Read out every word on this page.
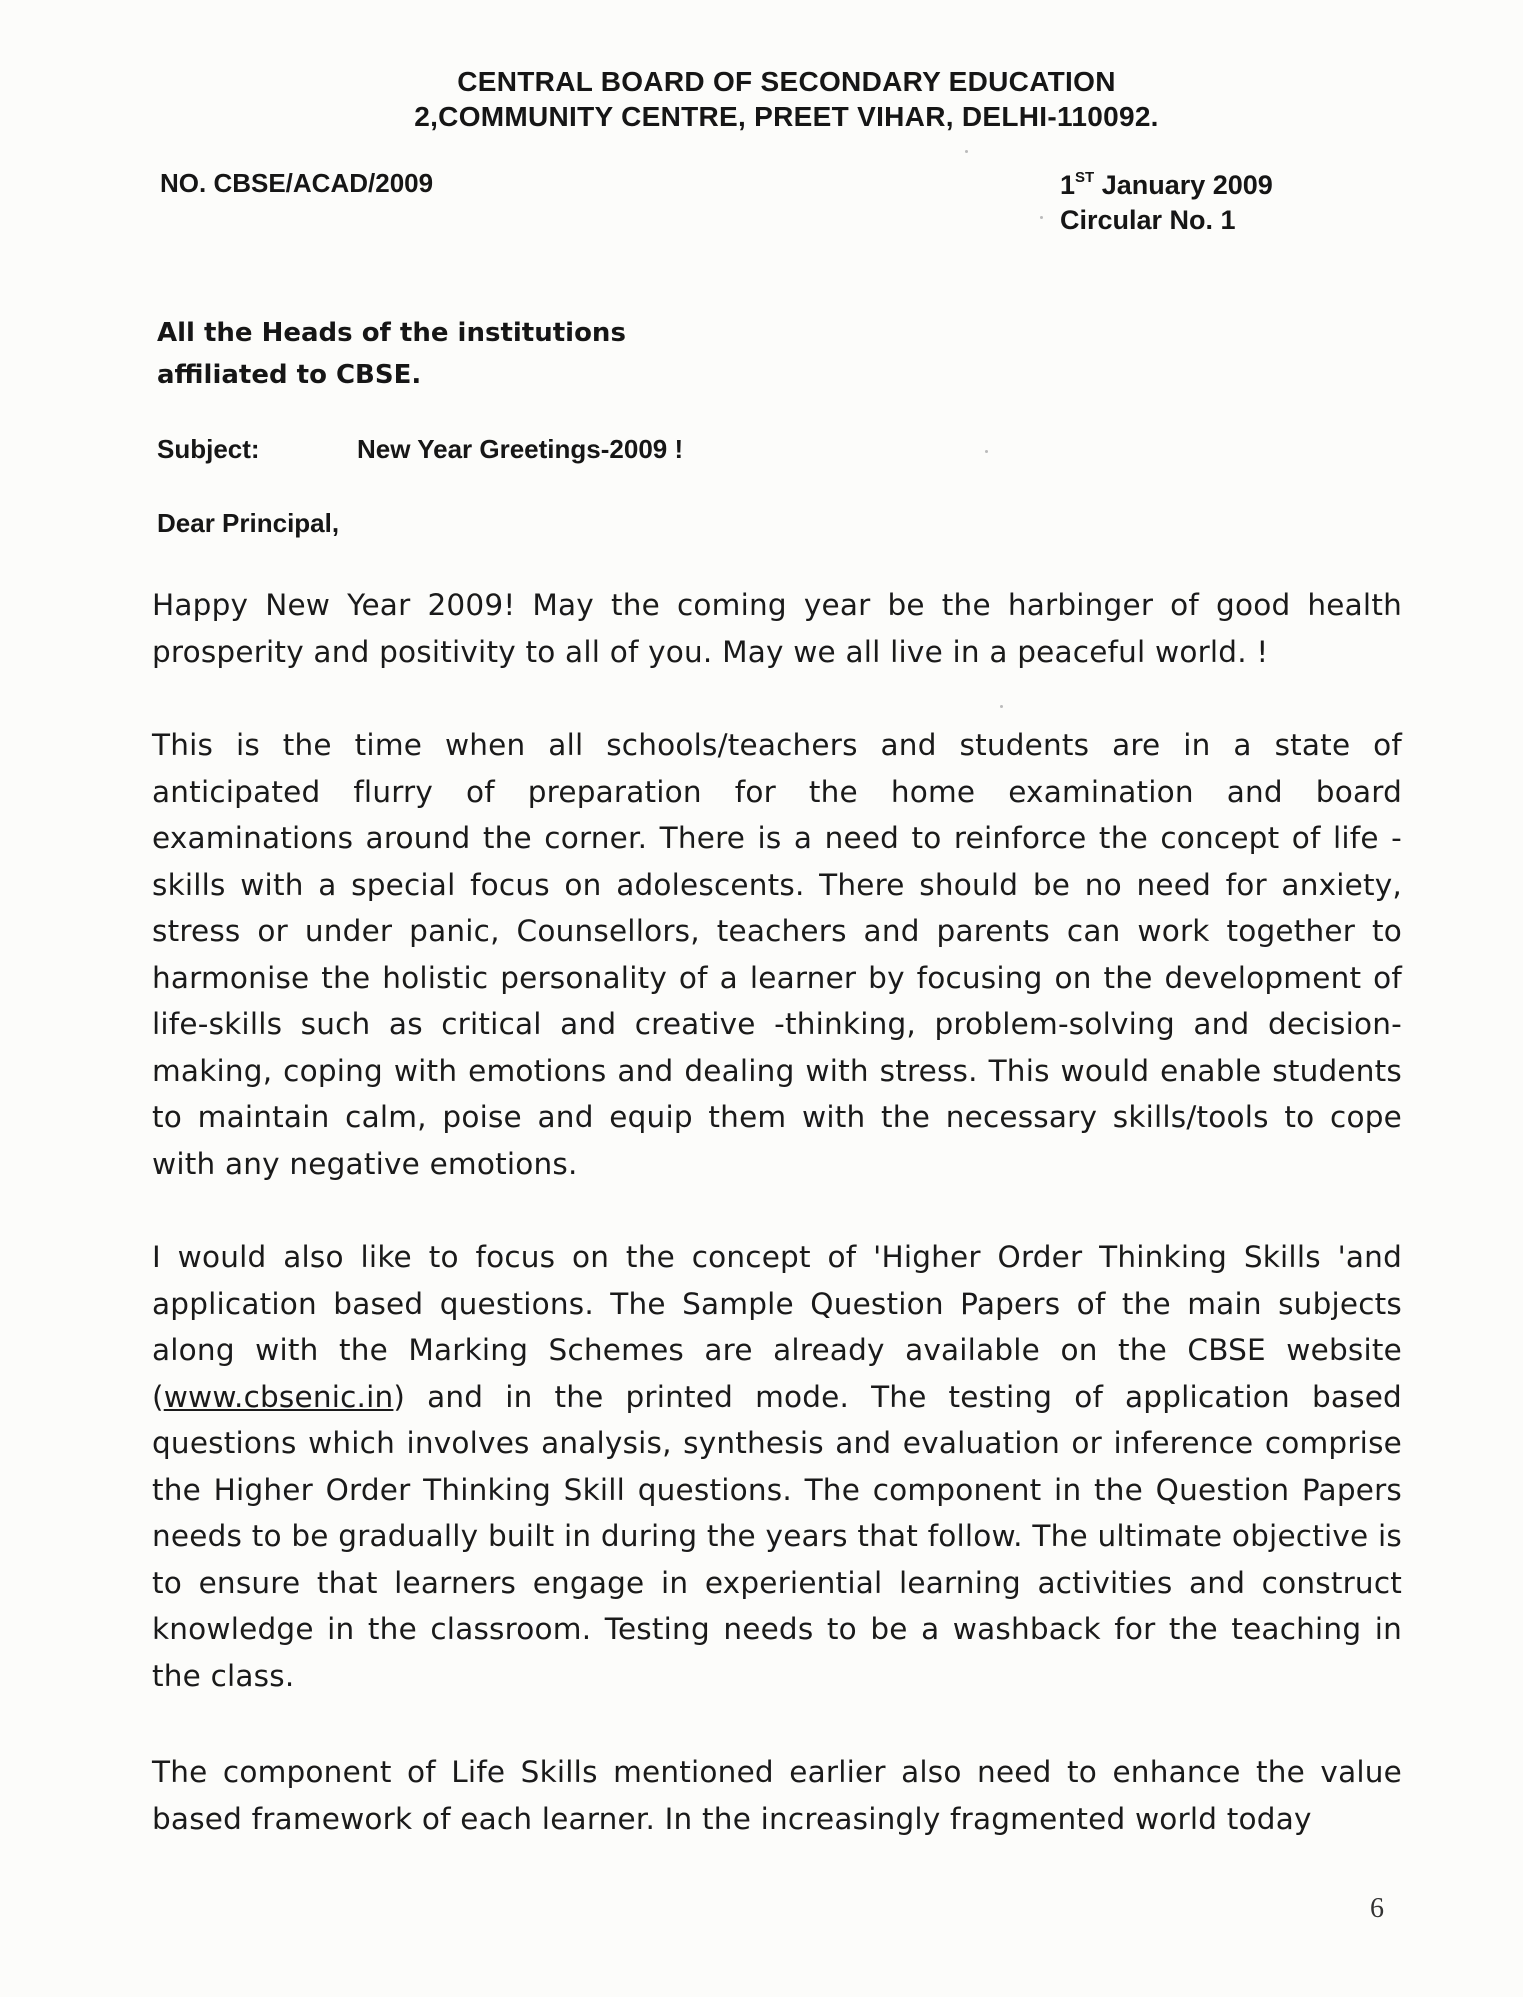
CENTRAL BOARD OF SECONDARY EDUCATION
2,COMMUNITY CENTRE, PREET VIHAR, DELHI-110092.
NO. CBSE/ACAD/2009	1ST January 2009
Circular No. 1
All the Heads of the institutions
affiliated to CBSE.
Subject:	New Year Greetings-2009 !
Dear Principal,
Happy New Year 2009! May the coming year be the harbinger of good health prosperity and positivity to all of you. May we all live in a peaceful world. !
This is the time when all schools/teachers and students are in a state of anticipated flurry of preparation for the home examination and board examinations around the corner. There is a need to reinforce the concept of life -skills with a special focus on adolescents. There should be no need for anxiety, stress or under panic, Counsellors, teachers and parents can work together to harmonise the holistic personality of a learner by focusing on the development of life-skills such as critical and creative -thinking, problem-solving and decision- making, coping with emotions and dealing with stress. This would enable students to maintain calm, poise and equip them with the necessary skills/tools to cope with any negative emotions.
I would also like to focus on the concept of 'Higher Order Thinking Skills 'and application based questions. The Sample Question Papers of the main subjects along with the Marking Schemes are already available on the CBSE website (www.cbsenic.in) and in the printed mode. The testing of application based questions which involves analysis, synthesis and evaluation or inference comprise the Higher Order Thinking Skill questions. The component in the Question Papers needs to be gradually built in during the years that follow. The ultimate objective is to ensure that learners engage in experiential learning activities and construct knowledge in the classroom. Testing needs to be a washback for the teaching in the class.
The component of Life Skills mentioned earlier also need to enhance the value based framework of each learner. In the increasingly fragmented world today
6
